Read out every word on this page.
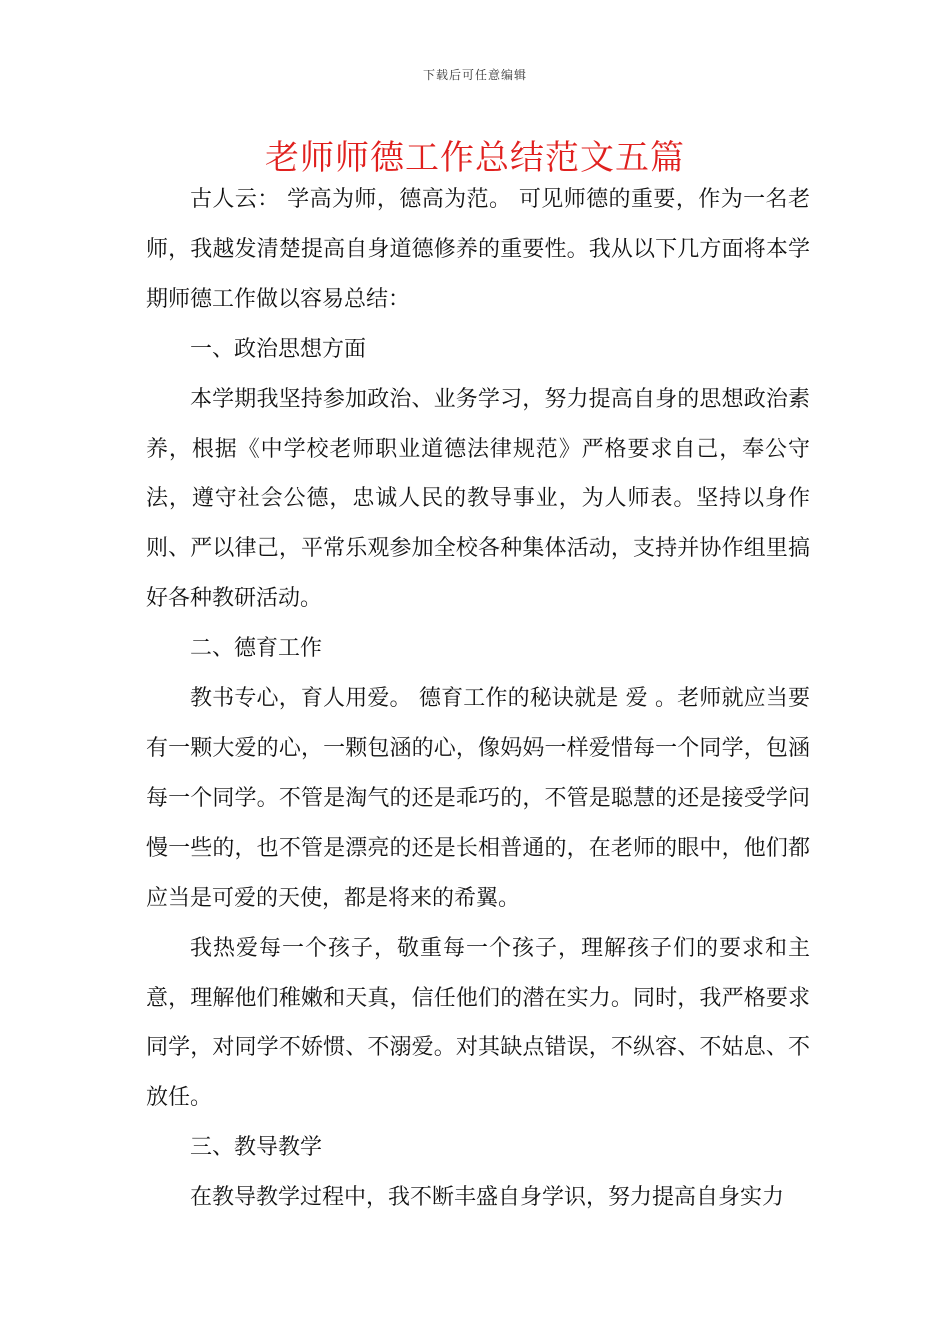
下载后可任意编辑
老师师德工作总结范文五篇

古人云： 学高为师，德高为范。 可见师德的重要，作为一名老师，我越发清楚提高自身道德修养的重要性。我从以下几方面将本学期师德工作做以容易总结：

一、政治思想方面

本学期我坚持参加政治、业务学习，努力提高自身的思想政治素养，根据《中学校老师职业道德法律规范》严格要求自己，奉公守法，遵守社会公德，忠诚人民的教导事业，为人师表。坚持以身作则、严以律己，平常乐观参加全校各种集体活动，支持并协作组里搞好各种教研活动。

二、德育工作

教书专心，育人用爱。 德育工作的秘诀就是 爱 。老师就应当要有一颗大爱的心，一颗包涵的心，像妈妈一样爱惜每一个同学，包涵每一个同学。不管是淘气的还是乖巧的，不管是聪慧的还是接受学问慢一些的，也不管是漂亮的还是长相普通的，在老师的眼中，他们都应当是可爱的天使，都是将来的希翼。

我热爱每一个孩子，敬重每一个孩子，理解孩子们的要求和主意，理解他们稚嫩和天真，信任他们的潜在实力。同时，我严格要求同学，对同学不娇惯、不溺爱。对其缺点错误，不纵容、不姑息、不放任。

三、教导教学

在教导教学过程中，我不断丰盛自身学识，努力提高自身实力
